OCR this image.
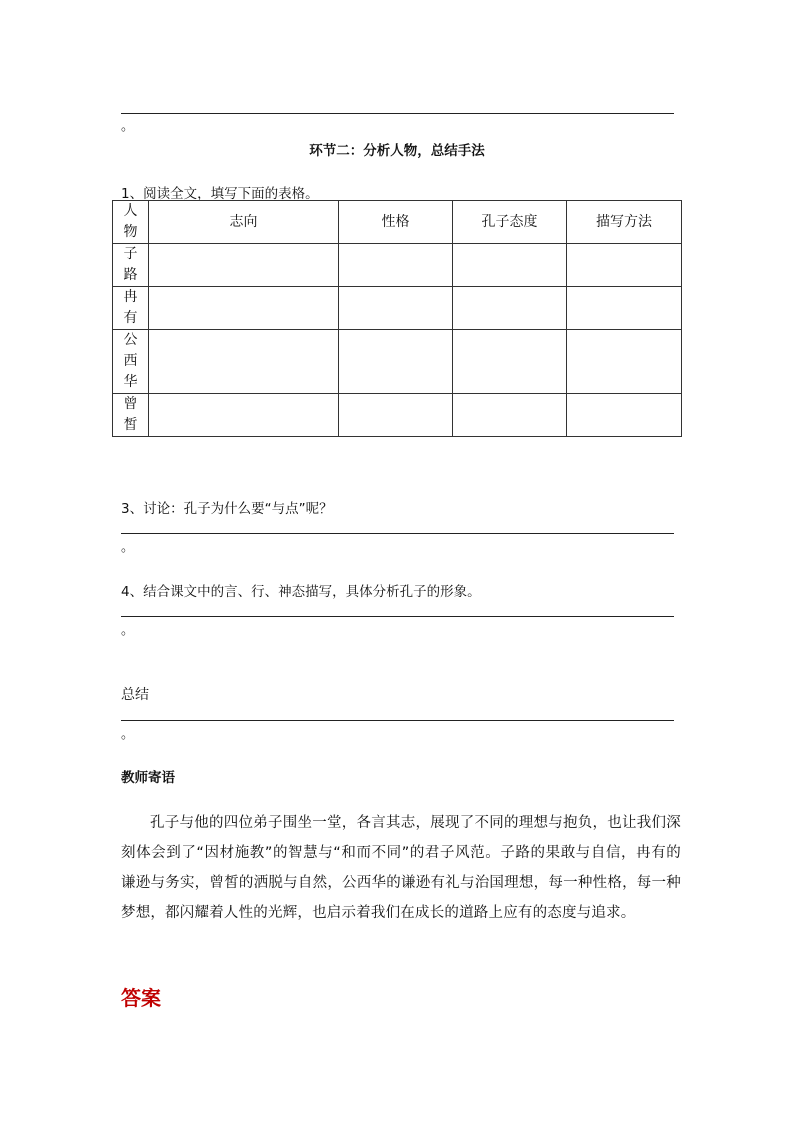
。
环节二：分析人物，总结手法
1、阅读全文，填写下面的表格。
人物	志向	性格	孔子态度	描写方法

子路				

冉有				

公西华				

曾皙				

3、讨论：孔子为什么要“与点”呢？
。
4、结合课文中的言、行、神态描写，具体分析孔子的形象。
。
总结
。
教师寄语
孔子与他的四位弟子围坐一堂，各言其志，展现了不同的理想与抱负，也让我们深刻体会到了“因材施教”的智慧与“和而不同”的君子风范。子路的果敢与自信，冉有的谦逊与务实，曾皙的洒脱与自然，公西华的谦逊有礼与治国理想，每一种性格，每一种梦想，都闪耀着人性的光辉，也启示着我们在成长的道路上应有的态度与追求。
答案
